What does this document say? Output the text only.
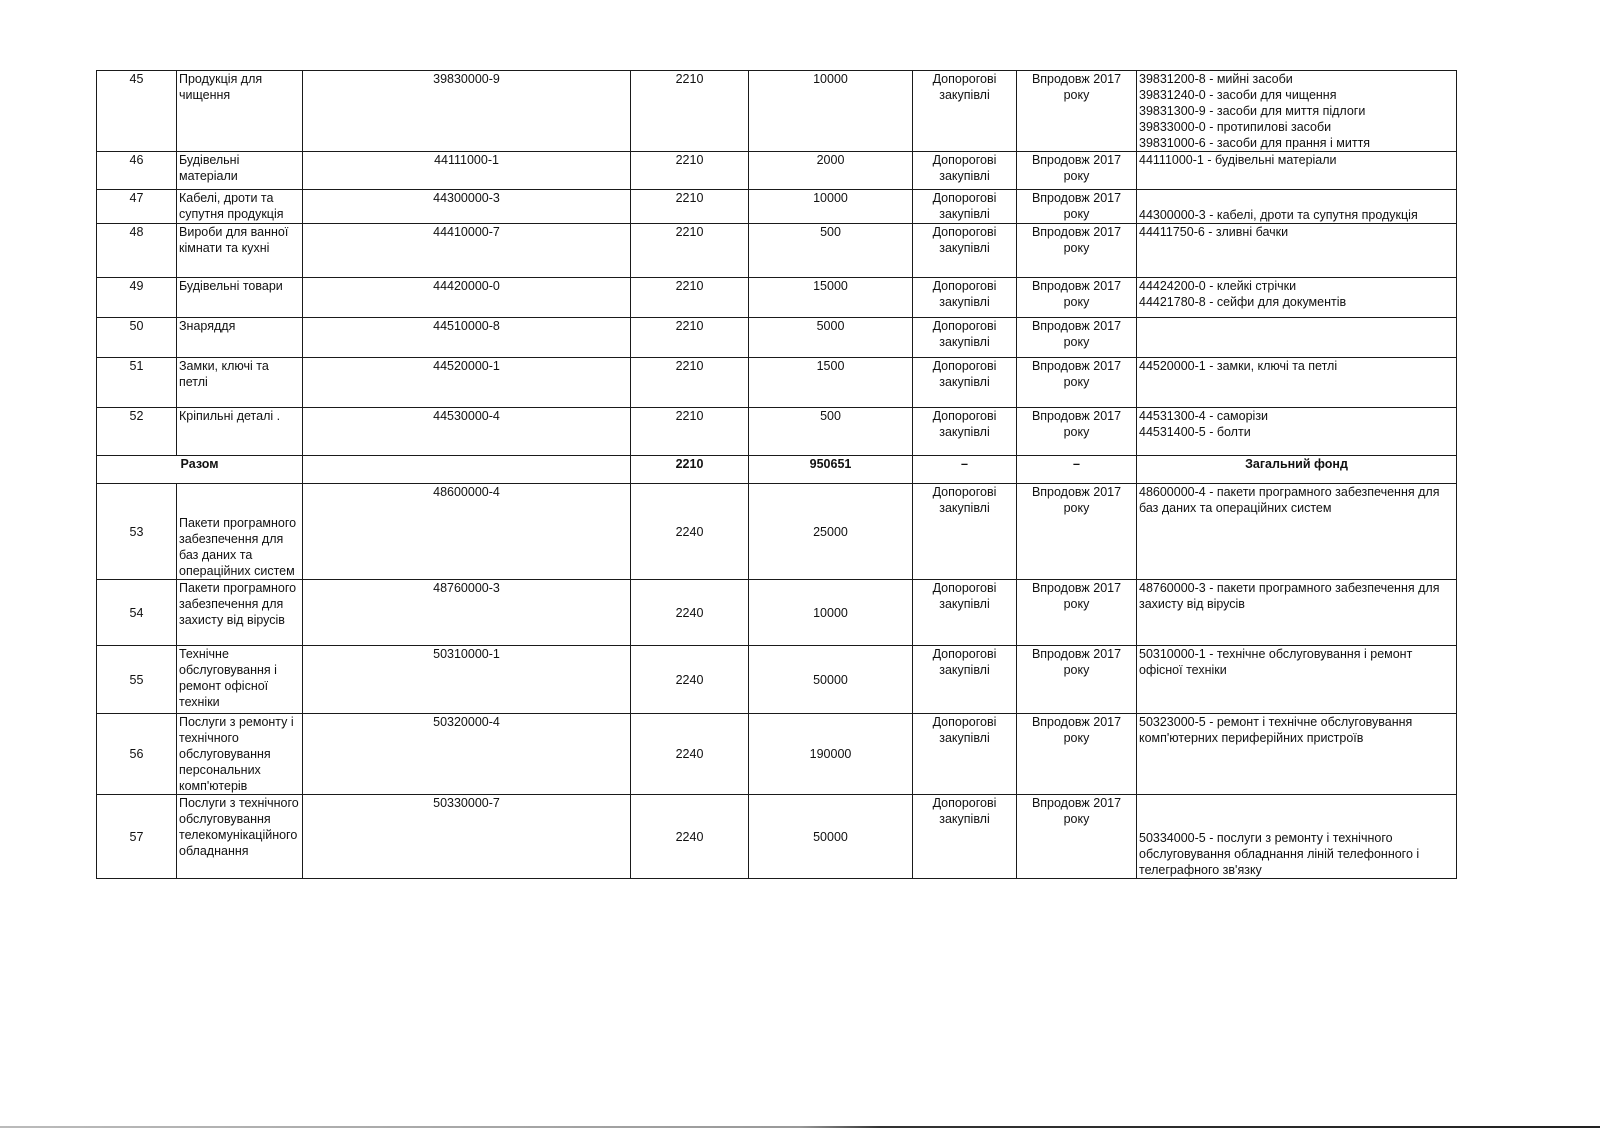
45	Продукція для чищення	39830000-9	2210	10000	Допорогові закупівлі	Впродовж 2017 року	39831200-8 - мийні засоби
39831240-0 - засоби для чищення
39831300-9 - засоби для миття підлоги
39833000-0 - протипилові засоби
39831000-6 - засоби для прання і миття
46	Будівельні матеріали	44111000-1	2210	2000	Допорогові закупівлі	Впродовж 2017 року	44111000-1 - будівельні матеріали
47	Кабелі, дроти та супутня продукція	44300000-3	2210	10000	Допорогові закупівлі	Впродовж 2017 року	44300000-3 - кабелі, дроти та супутня продукція
48	Вироби для ванної кімнати та кухні	44410000-7	2210	500	Допорогові закупівлі	Впродовж 2017 року	44411750-6 - зливні бачки
49	Будівельні товари	44420000-0	2210	15000	Допорогові закупівлі	Впродовж 2017 року	44424200-0 - клейкі стрічки
44421780-8 - сейфи для документів
50	Знаряддя	44510000-8	2210	5000	Допорогові закупівлі	Впродовж 2017 року	
51	Замки, ключі та петлі	44520000-1	2210	1500	Допорогові закупівлі	Впродовж 2017 року	44520000-1 - замки, ключі та петлі
52	Кріпильні деталі .	44530000-4	2210	500	Допорогові закупівлі	Впродовж 2017 року	44531300-4 - саморізи
44531400-5 - болти
Разом			2210	950651	–	–	Загальний фонд
53	Пакети програмного забезпечення для баз даних та операційних систем	48600000-4	2240	25000	Допорогові закупівлі	Впродовж 2017 року	48600000-4 - пакети програмного забезпечення для баз даних та операційних систем
54	Пакети програмного забезпечення для захисту від вірусів	48760000-3	2240	10000	Допорогові закупівлі	Впродовж 2017 року	48760000-3 - пакети програмного забезпечення для захисту від вірусів
55	Технічне обслуговування і ремонт офісної техніки	50310000-1	2240	50000	Допорогові закупівлі	Впродовж 2017 року	50310000-1 - технічне обслуговування і ремонт офісної техніки
56	Послуги з ремонту і технічного обслуговування персональних комп'ютерів	50320000-4	2240	190000	Допорогові закупівлі	Впродовж 2017 року	50323000-5 - ремонт і технічне обслуговування комп'ютерних периферійних пристроїв
57	Послуги з технічного обслуговування телекомунікаційного обладнання	50330000-7	2240	50000	Допорогові закупівлі	Впродовж 2017 року	50334000-5 - послуги з ремонту і технічного обслуговування обладнання ліній телефонного і телеграфного зв'язку
